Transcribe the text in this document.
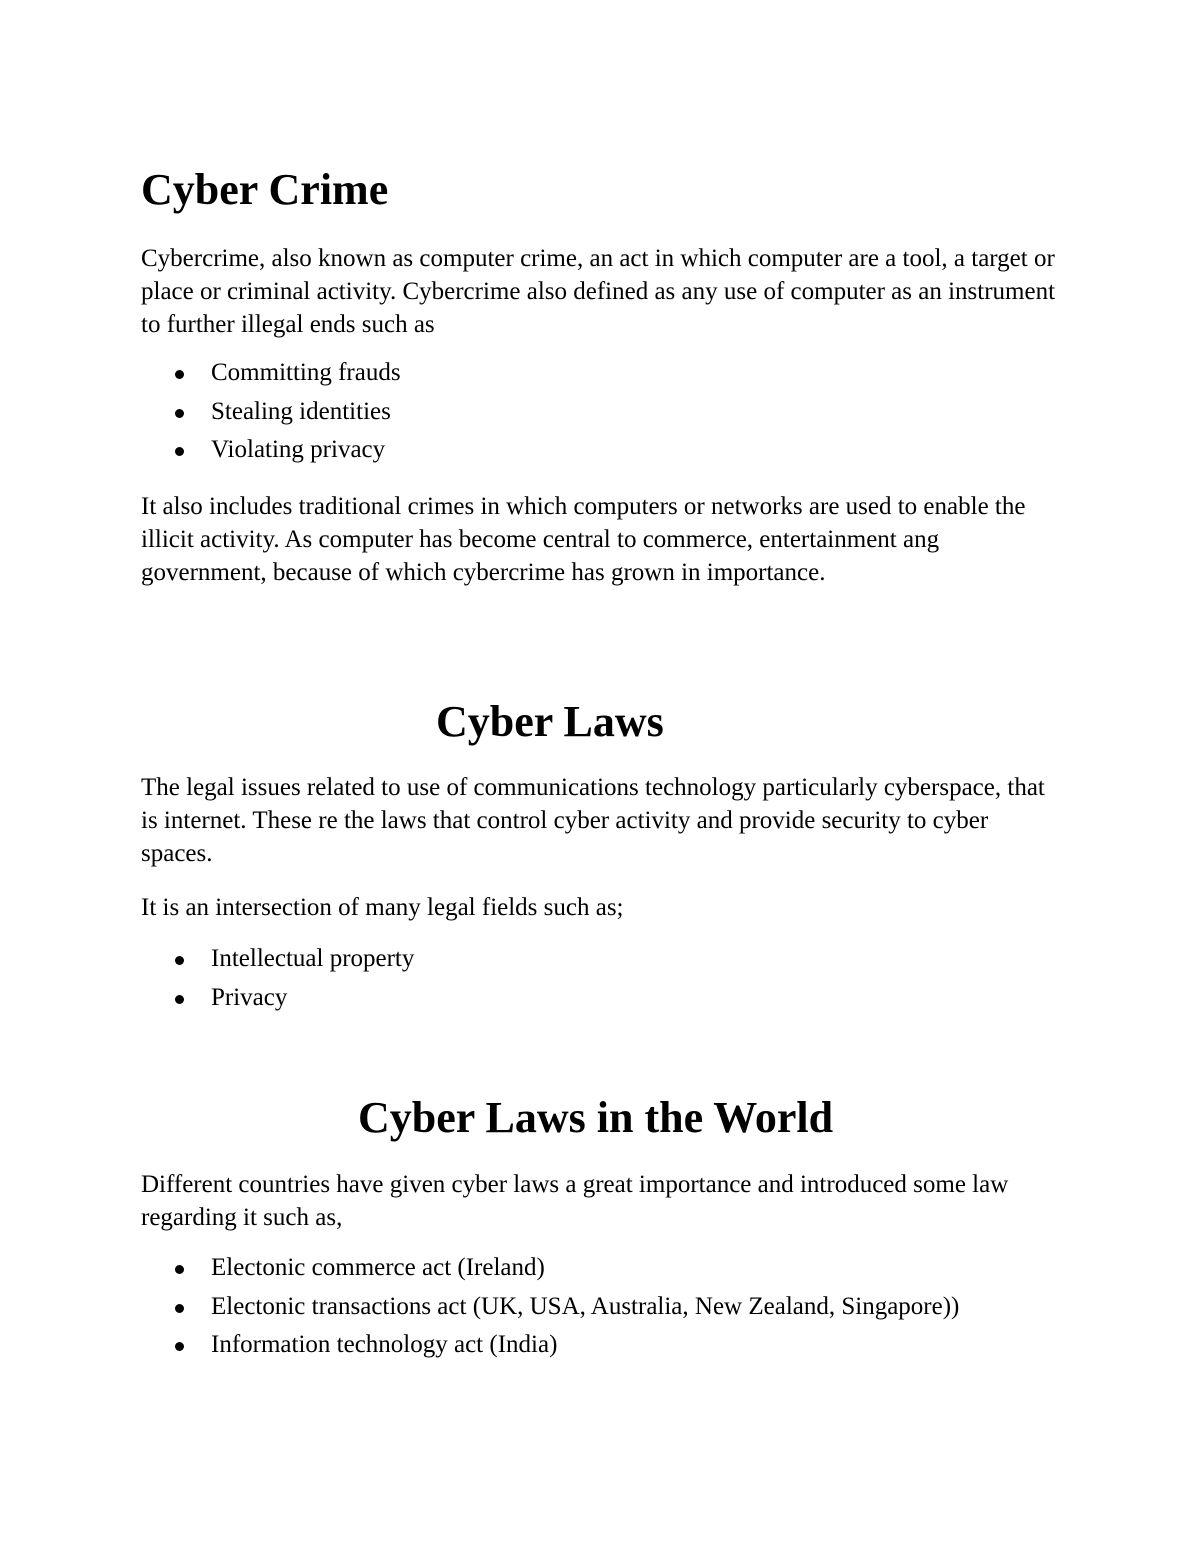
Cyber Crime

Cybercrime, also known as computer crime, an act in which computer are a tool, a target or place or criminal activity. Cybercrime also defined as any use of computer as an instrument to further illegal ends such as

Committing frauds
Stealing identities
Violating privacy

It also includes traditional crimes in which computers or networks are used to enable the illicit activity. As computer has become central to commerce, entertainment ang government, because of which cybercrime has grown in importance.

Cyber Laws

The legal issues related to use of communications technology particularly cyberspace, that is internet. These re the laws that control cyber activity and provide security to cyber spaces.

It is an intersection of many legal fields such as;

Intellectual property
Privacy
Cyber Laws in the World

Different countries have given cyber laws a great importance and introduced some law regarding it such as,

Electonic commerce act (Ireland)
Electonic transactions act (UK, USA, Australia, New Zealand, Singapore))
Information technology act (India)
